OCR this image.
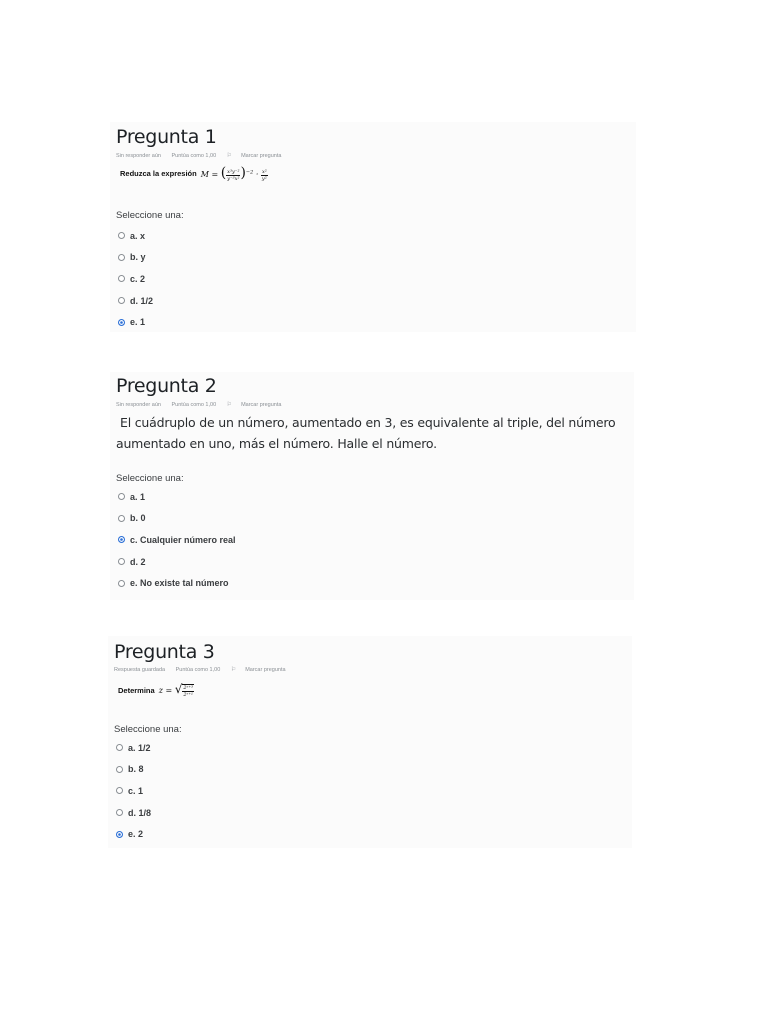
Pregunta 1
Sin responder aún Puntúa como 1,00 ⚐ Marcar pregunta
Reduzca la expresión M = ( $\frac{\text{x³y⁻²}}{\text{y⁻³x²}} )^{-2} \cdot \frac{\text{x²}}{\text{y²}}$
Seleccione una:
a. x
b. y
c. 2
d. 1/2
e. 1
Pregunta 2
Sin responder aún Puntúa como 1,00 ⚐ Marcar pregunta
El cuádruplo de un número, aumentado en 3, es equivalente al triple, del número aumentado en uno, más el número. Halle el número.
Seleccione una:
a. 1
b. 0
c. Cualquier número real
d. 2
e. No existe tal número
Pregunta 3
Respuesta guardada Puntúa como 1,00 ⚐ Marcar pregunta
Determina z = √ $\frac{\text{2ˣ⁺³}}{\text{2ˣ⁺¹}}$
Seleccione una:
a. 1/2
b. 8
c. 1
d. 1/8
e. 2
